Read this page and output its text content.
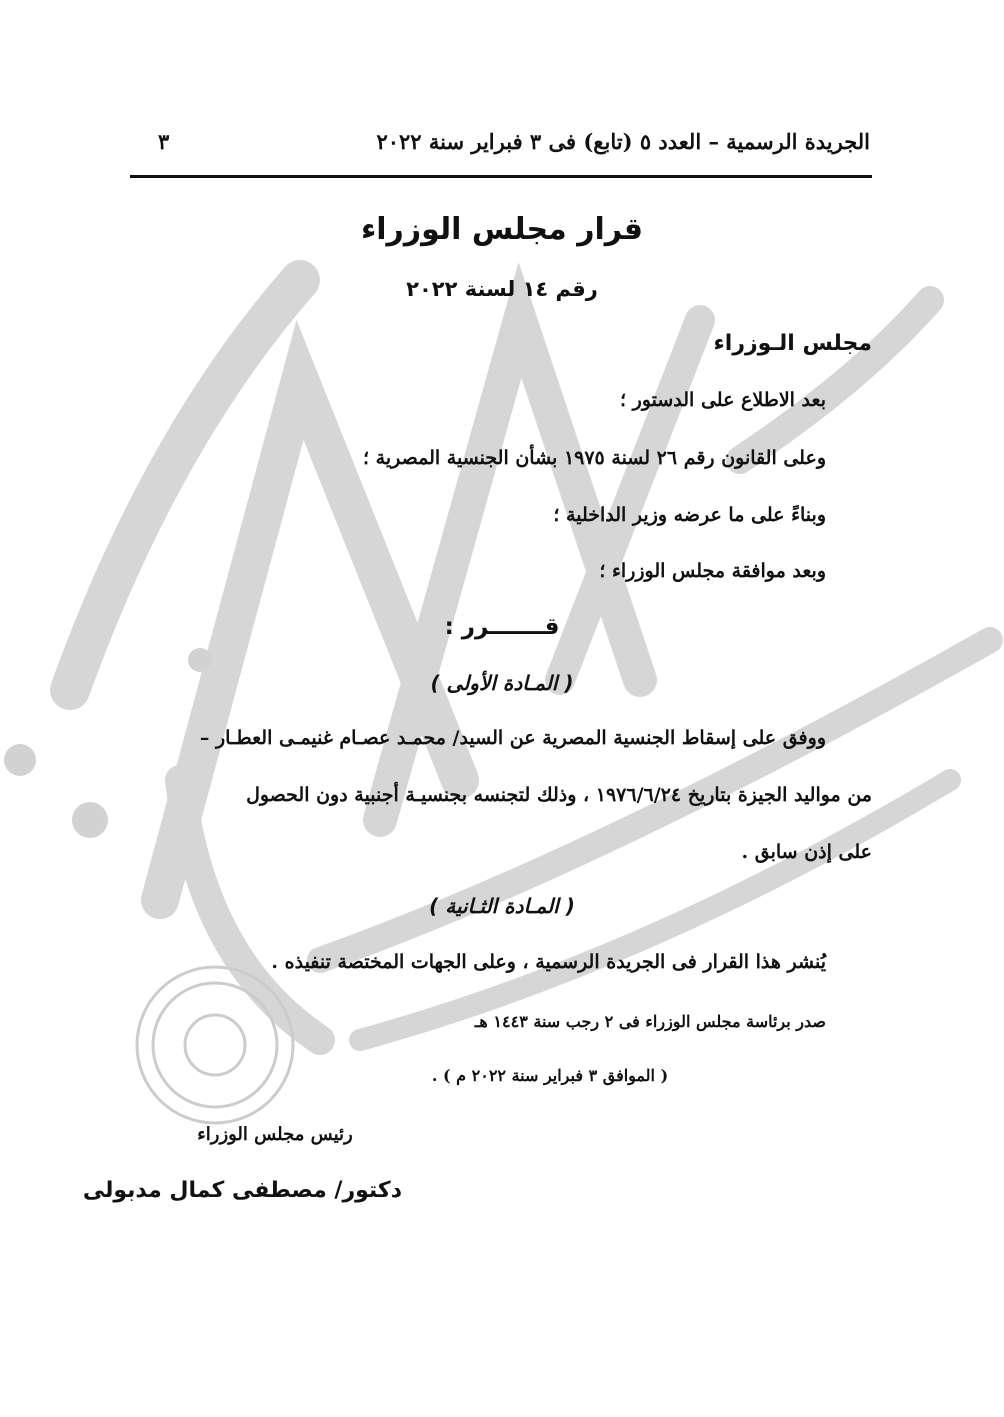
الجريدة الرسمية – العدد ٥ (تابع) فى ٣ فبراير سنة ٢٠٢٢
٣
قرار مجلس الوزراء
رقم ١٤ لسنة ٢٠٢٢
مجلس الـوزراء
بعد الاطلاع على الدستور ؛
وعلى القانون رقم ٢٦ لسنة ١٩٧٥ بشأن الجنسية المصرية ؛
وبناءً على ما عرضه وزير الداخلية ؛
وبعد موافقة مجلس الوزراء ؛
قـــــــرر :
( المـادة الأولى )
ووفق على إسقاط الجنسية المصرية عن السيد/ محمـد عصـام غنيمـى العطـار –
من مواليد الجيزة بتاريخ ١٩٧٦/٦/٢٤ ، وذلك لتجنسه بجنسيـة أجنبية دون الحصول
على إذن سابق .
( المـادة الثـانية )
يُنشر هذا القرار فى الجريدة الرسمية ، وعلى الجهات المختصة تنفيذه .
صدر برئاسة مجلس الوزراء فى ٢ رجب سنة ١٤٤٣ هـ
( الموافق ٣ فبراير سنة ٢٠٢٢ م ) .
رئيس مجلس الوزراء
دكتور/ مصطفى كمال مدبولى
